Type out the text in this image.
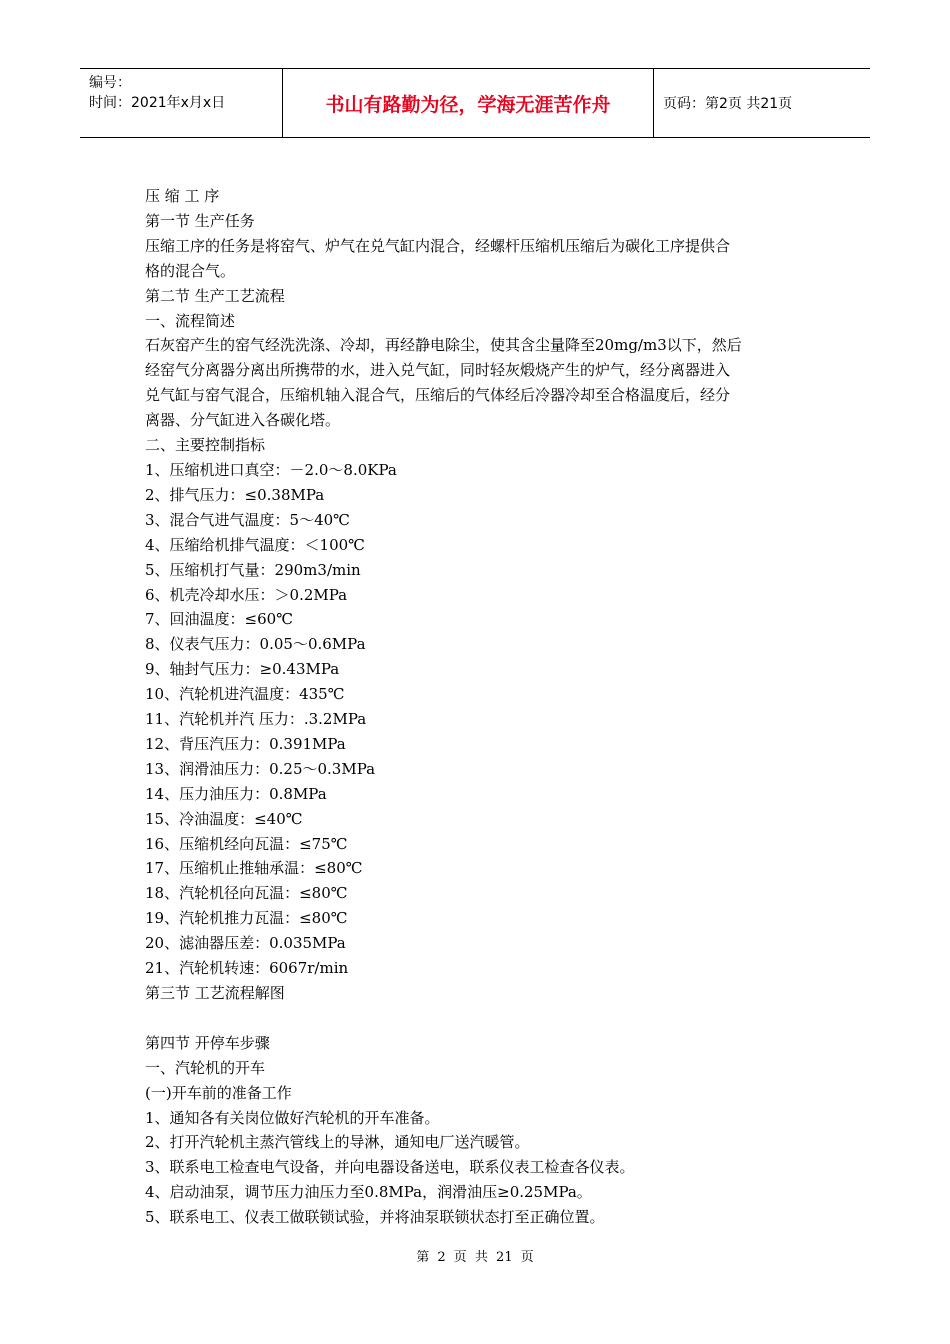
编号：
时间：2021年x月x日	书山有路勤为径，学海无涯苦作舟	页码：第2页 共21页

压 缩 工 序

第一节 生产任务

压缩工序的任务是将窑气、炉气在兑气缸内混合，经螺杆压缩机压缩后为碳化工序提供合

格的混合气。

第二节 生产工艺流程

一、流程简述

石灰窑产生的窑气经洗洗涤、冷却，再经静电除尘，使其含尘量降至20mg/m3以下，然后

经窑气分离器分离出所携带的水，进入兑气缸，同时轻灰煅烧产生的炉气，经分离器进入

兑气缸与窑气混合，压缩机轴入混合气，压缩后的气体经后冷器冷却至合格温度后，经分

离器、分气缸进入各碳化塔。

二、主要控制指标

1、压缩机进口真空：－2.0～8.0KPa

2、排气压力：≤0.38MPa

3、混合气进气温度：5～40℃

4、压缩给机排气温度：＜100℃

5、压缩机打气量：290m3/min

6、机壳冷却水压：＞0.2MPa

7、回油温度：≤60℃

8、仪表气压力：0.05～0.6MPa

9、轴封气压力：≥0.43MPa

10、汽轮机进汽温度：435℃

11、汽轮机并汽 压力：.3.2MPa

12、背压汽压力：0.391MPa

13、润滑油压力：0.25～0.3MPa

14、压力油压力：0.8MPa

15、冷油温度：≤40℃

16、压缩机经向瓦温：≤75℃

17、压缩机止推轴承温：≤80℃

18、汽轮机径向瓦温：≤80℃

19、汽轮机推力瓦温：≤80℃

20、滤油器压差：0.035MPa

21、汽轮机转速：6067r/min

第三节 工艺流程解图

第四节 开停车步骤

一、汽轮机的开车

(一)开车前的准备工作

1、通知各有关岗位做好汽轮机的开车准备。

2、打开汽轮机主蒸汽管线上的导淋，通知电厂送汽暖管。

3、联系电工检查电气设备，并向电器设备送电，联系仪表工检查各仪表。

4、启动油泵，调节压力油压力至0.8MPa，润滑油压≥0.25MPa。

5、联系电工、仪表工做联锁试验，并将油泵联锁状态打至正确位置。

第 2 页 共 21 页
